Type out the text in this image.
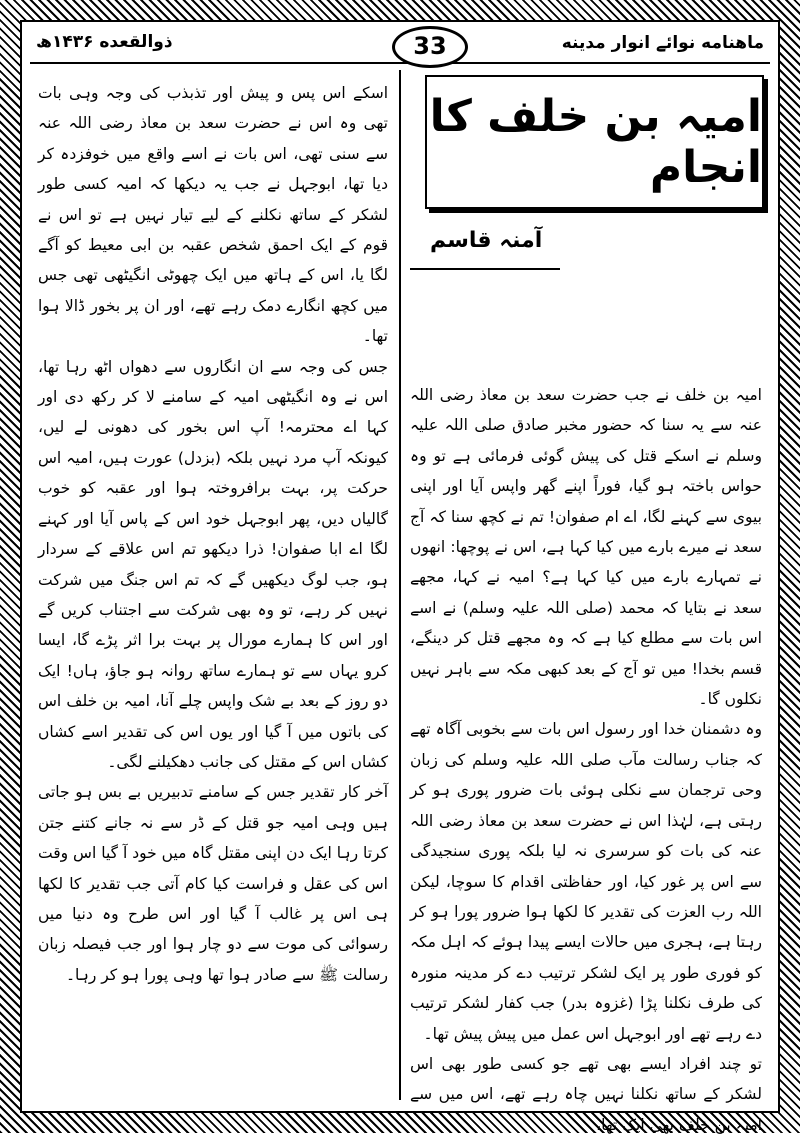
ماهنامه نوائے انوار مدینه
33
ذوالقعده ۱۴۳۶ھ
امیہ بن خلف کا انجام
آمنہ قاسم

امیہ بن خلف نے جب حضرت سعد بن معاذ رضی اللہ عنہ سے یہ سنا کہ حضور مخبر صادق صلی اللہ علیہ وسلم نے اسکے قتل کی پیش گوئی فرمائی ہے تو وہ حواس باختہ ہو گیا، فوراً اپنے گھر واپس آیا اور اپنی بیوی سے کہنے لگا، اے ام صفوان! تم نے کچھ سنا کہ آج سعد نے میرے بارے میں کیا کہا ہے، اس نے پوچھا: انھوں نے تمہارے بارے میں کیا کہا ہے؟ امیہ نے کہا، مجھے سعد نے بتایا کہ محمد (صلی اللہ علیہ وسلم) نے اسے اس بات سے مطلع کیا ہے کہ وہ مجھے قتل کر دینگے، قسم بخدا! میں تو آج کے بعد کبھی مکہ سے باہر نہیں نکلوں گا۔

وہ دشمنان خدا اور رسول اس بات سے بخوبی آگاہ تھے کہ جناب رسالت مآب صلی اللہ علیہ وسلم کی زبان وحی ترجمان سے نکلی ہوئی بات ضرور پوری ہو کر رہتی ہے، لہٰذا اس نے حضرت سعد بن معاذ رضی اللہ عنہ کی بات کو سرسری نہ لیا بلکہ پوری سنجیدگی سے اس پر غور کیا، اور حفاظتی اقدام کا سوچا، لیکن اللہ رب العزت کی تقدیر کا لکھا ہوا ضرور پورا ہو کر رہتا ہے، ہجری میں حالات ایسے پیدا ہوئے کہ اہل مکہ کو فوری طور پر ایک لشکر ترتیب دے کر مدینہ منورہ کی طرف نکلنا پڑا (غزوہ بدر) جب کفار لشکر ترتیب دے رہے تھے اور ابوجہل اس عمل میں پیش پیش تھا۔

تو چند افراد ایسے بھی تھے جو کسی طور بھی اس لشکر کے ساتھ نکلنا نہیں چاہ رہے تھے، اس میں سے امیہ بن خلف بھی ایک تھا،

اسکے اس پس و پیش اور تذبذب کی وجہ وہی بات تھی وہ اس نے حضرت سعد بن معاذ رضی اللہ عنہ سے سنی تھی، اس بات نے اسے واقع میں خوفزدہ کر دیا تھا، ابوجہل نے جب یہ دیکھا کہ امیہ کسی طور لشکر کے ساتھ نکلنے کے لیے تیار نہیں ہے تو اس نے قوم کے ایک احمق شخص عقبہ بن ابی معیط کو آگے لگا یا، اس کے ہاتھ میں ایک چھوٹی انگیٹھی تھی جس میں کچھ انگارے دمک رہے تھے، اور ان پر بخور ڈالا ہوا تھا۔

جس کی وجہ سے ان انگاروں سے دھواں اٹھ رہا تھا، اس نے وہ انگیٹھی امیہ کے سامنے لا کر رکھ دی اور کہا اے محترمہ! آپ اس بخور کی دھونی لے لیں، کیونکہ آپ مرد نہیں بلکہ (بزدل) عورت ہیں، امیہ اس حرکت پر، بہت برافروختہ ہوا اور عقبہ کو خوب گالیاں دیں، پھر ابوجہل خود اس کے پاس آیا اور کہنے لگا اے ابا صفوان! ذرا دیکھو تم اس علاقے کے سردار ہو، جب لوگ دیکھیں گے کہ تم اس جنگ میں شرکت نہیں کر رہے، تو وہ بھی شرکت سے اجتناب کریں گے اور اس کا ہمارے مورال پر بہت برا اثر پڑے گا، ایسا کرو یہاں سے تو ہمارے ساتھ روانہ ہو جاؤ، ہاں! ایک دو روز کے بعد بے شک واپس چلے آنا، امیہ بن خلف اس کی باتوں میں آ گیا اور یوں اس کی تقدیر اسے کشاں کشاں اس کے مقتل کی جانب دھکیلنے لگی۔

آخر کار تقدیر جس کے سامنے تدبیریں بے بس ہو جاتی ہیں وہی امیہ جو قتل کے ڈر سے نہ جانے کتنے جتن کرتا رہا ایک دن اپنی مقتل گاہ میں خود آ گیا اس وقت اس کی عقل و فراست کیا کام آتی جب تقدیر کا لکھا ہی اس پر غالب آ گیا اور اس طرح وہ دنیا میں رسوائی کی موت سے دو چار ہوا اور جب فیصلہ زبان رسالت ﷺ سے صادر ہوا تھا وہی پورا ہو کر رہا۔
